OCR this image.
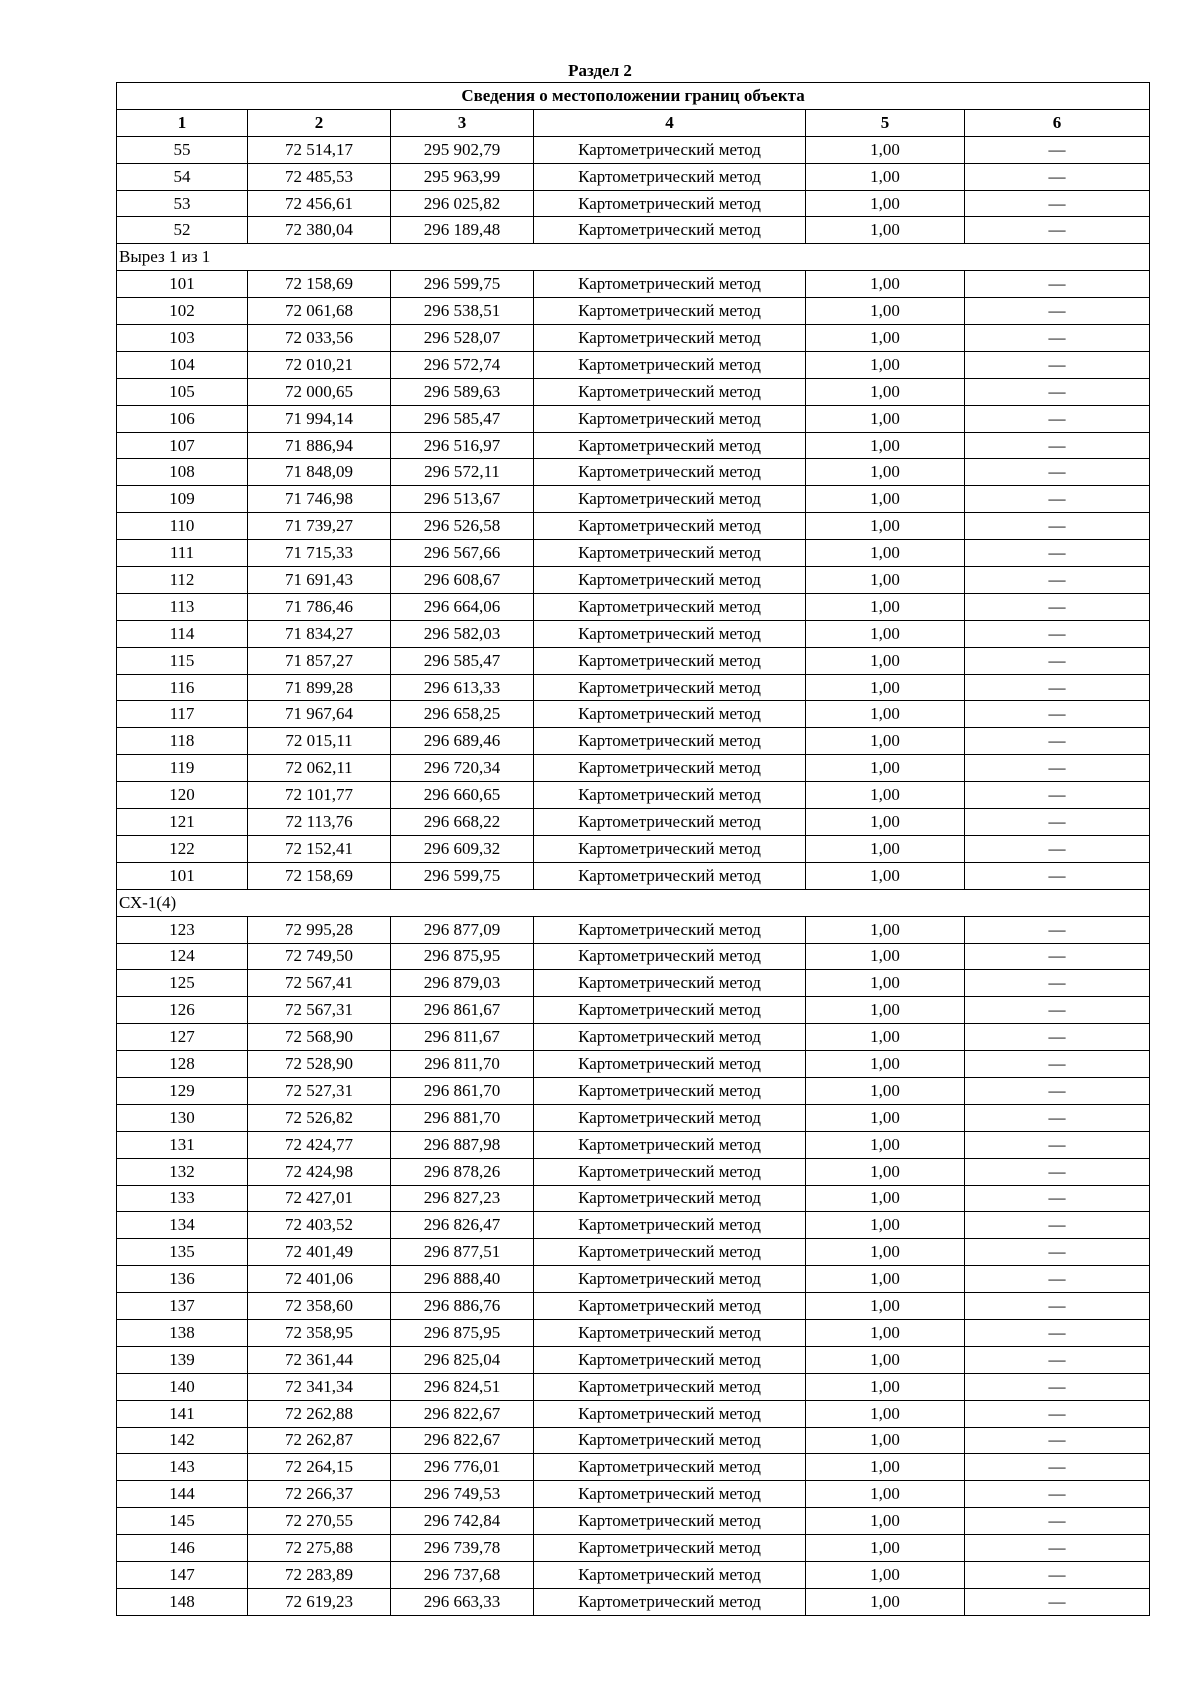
Раздел 2
Сведения о местоположении границ объекта					
1	2	3	4	5	6
55	72 514,17	295 902,79	Картометрический метод	1,00	—
54	72 485,53	295 963,99	Картометрический метод	1,00	—
53	72 456,61	296 025,82	Картометрический метод	1,00	—
52	72 380,04	296 189,48	Картометрический метод	1,00	—
Вырез 1 из 1					
101	72 158,69	296 599,75	Картометрический метод	1,00	—
102	72 061,68	296 538,51	Картометрический метод	1,00	—
103	72 033,56	296 528,07	Картометрический метод	1,00	—
104	72 010,21	296 572,74	Картометрический метод	1,00	—
105	72 000,65	296 589,63	Картометрический метод	1,00	—
106	71 994,14	296 585,47	Картометрический метод	1,00	—
107	71 886,94	296 516,97	Картометрический метод	1,00	—
108	71 848,09	296 572,11	Картометрический метод	1,00	—
109	71 746,98	296 513,67	Картометрический метод	1,00	—
110	71 739,27	296 526,58	Картометрический метод	1,00	—
111	71 715,33	296 567,66	Картометрический метод	1,00	—
112	71 691,43	296 608,67	Картометрический метод	1,00	—
113	71 786,46	296 664,06	Картометрический метод	1,00	—
114	71 834,27	296 582,03	Картометрический метод	1,00	—
115	71 857,27	296 585,47	Картометрический метод	1,00	—
116	71 899,28	296 613,33	Картометрический метод	1,00	—
117	71 967,64	296 658,25	Картометрический метод	1,00	—
118	72 015,11	296 689,46	Картометрический метод	1,00	—
119	72 062,11	296 720,34	Картометрический метод	1,00	—
120	72 101,77	296 660,65	Картометрический метод	1,00	—
121	72 113,76	296 668,22	Картометрический метод	1,00	—
122	72 152,41	296 609,32	Картометрический метод	1,00	—
101	72 158,69	296 599,75	Картометрический метод	1,00	—
СХ-1(4)					
123	72 995,28	296 877,09	Картометрический метод	1,00	—
124	72 749,50	296 875,95	Картометрический метод	1,00	—
125	72 567,41	296 879,03	Картометрический метод	1,00	—
126	72 567,31	296 861,67	Картометрический метод	1,00	—
127	72 568,90	296 811,67	Картометрический метод	1,00	—
128	72 528,90	296 811,70	Картометрический метод	1,00	—
129	72 527,31	296 861,70	Картометрический метод	1,00	—
130	72 526,82	296 881,70	Картометрический метод	1,00	—
131	72 424,77	296 887,98	Картометрический метод	1,00	—
132	72 424,98	296 878,26	Картометрический метод	1,00	—
133	72 427,01	296 827,23	Картометрический метод	1,00	—
134	72 403,52	296 826,47	Картометрический метод	1,00	—
135	72 401,49	296 877,51	Картометрический метод	1,00	—
136	72 401,06	296 888,40	Картометрический метод	1,00	—
137	72 358,60	296 886,76	Картометрический метод	1,00	—
138	72 358,95	296 875,95	Картометрический метод	1,00	—
139	72 361,44	296 825,04	Картометрический метод	1,00	—
140	72 341,34	296 824,51	Картометрический метод	1,00	—
141	72 262,88	296 822,67	Картометрический метод	1,00	—
142	72 262,87	296 822,67	Картометрический метод	1,00	—
143	72 264,15	296 776,01	Картометрический метод	1,00	—
144	72 266,37	296 749,53	Картометрический метод	1,00	—
145	72 270,55	296 742,84	Картометрический метод	1,00	—
146	72 275,88	296 739,78	Картометрический метод	1,00	—
147	72 283,89	296 737,68	Картометрический метод	1,00	—
148	72 619,23	296 663,33	Картометрический метод	1,00	—
